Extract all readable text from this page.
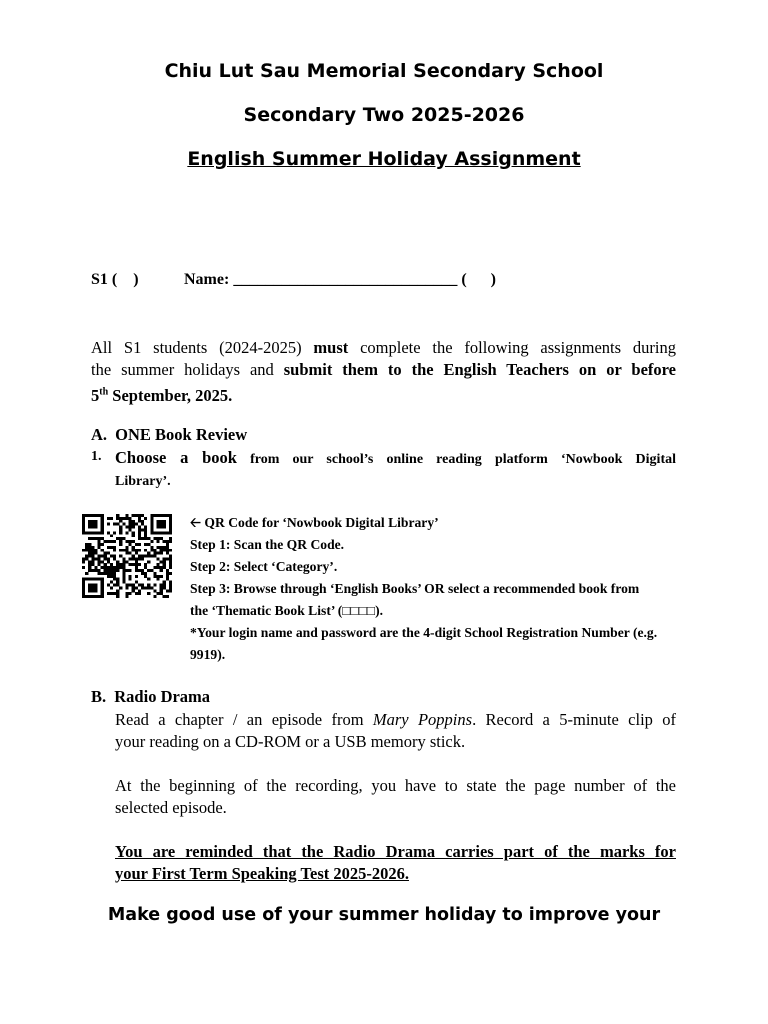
Chiu Lut Sau Memorial Secondary School
Secondary Two 2025-2026
English Summer Holiday Assignment
S1 (    )	Name: ____________________________ (      )

All S1 students (2024-2025) must complete the following assignments during

the summer holidays and submit them to the English Teachers on or before

5th September, 2025.

A. ONE Book Review
1. Choose a book from our school’s online reading platform ‘Nowbook Digital

Library’.

🡠 QR Code for ‘Nowbook Digital Library’

Step 1: Scan the QR Code.

Step 2: Select ‘Category’.

Step 3: Browse through ‘English Books’ OR select a recommended book from

the ‘Thematic Book List’ (□□□□).

*Your login name and password are the 4-digit School Registration Number (e.g.

9919).

B. Radio Drama

Read a chapter / an episode from Mary Poppins. Record a 5-minute clip of

your reading on a CD-ROM or a USB memory stick.

At the beginning of the recording, you have to state the page number of the

selected episode.

You are reminded that the Radio Drama carries part of the marks for

your First Term Speaking Test 2025-2026.

Make good use of your summer holiday to improve your
